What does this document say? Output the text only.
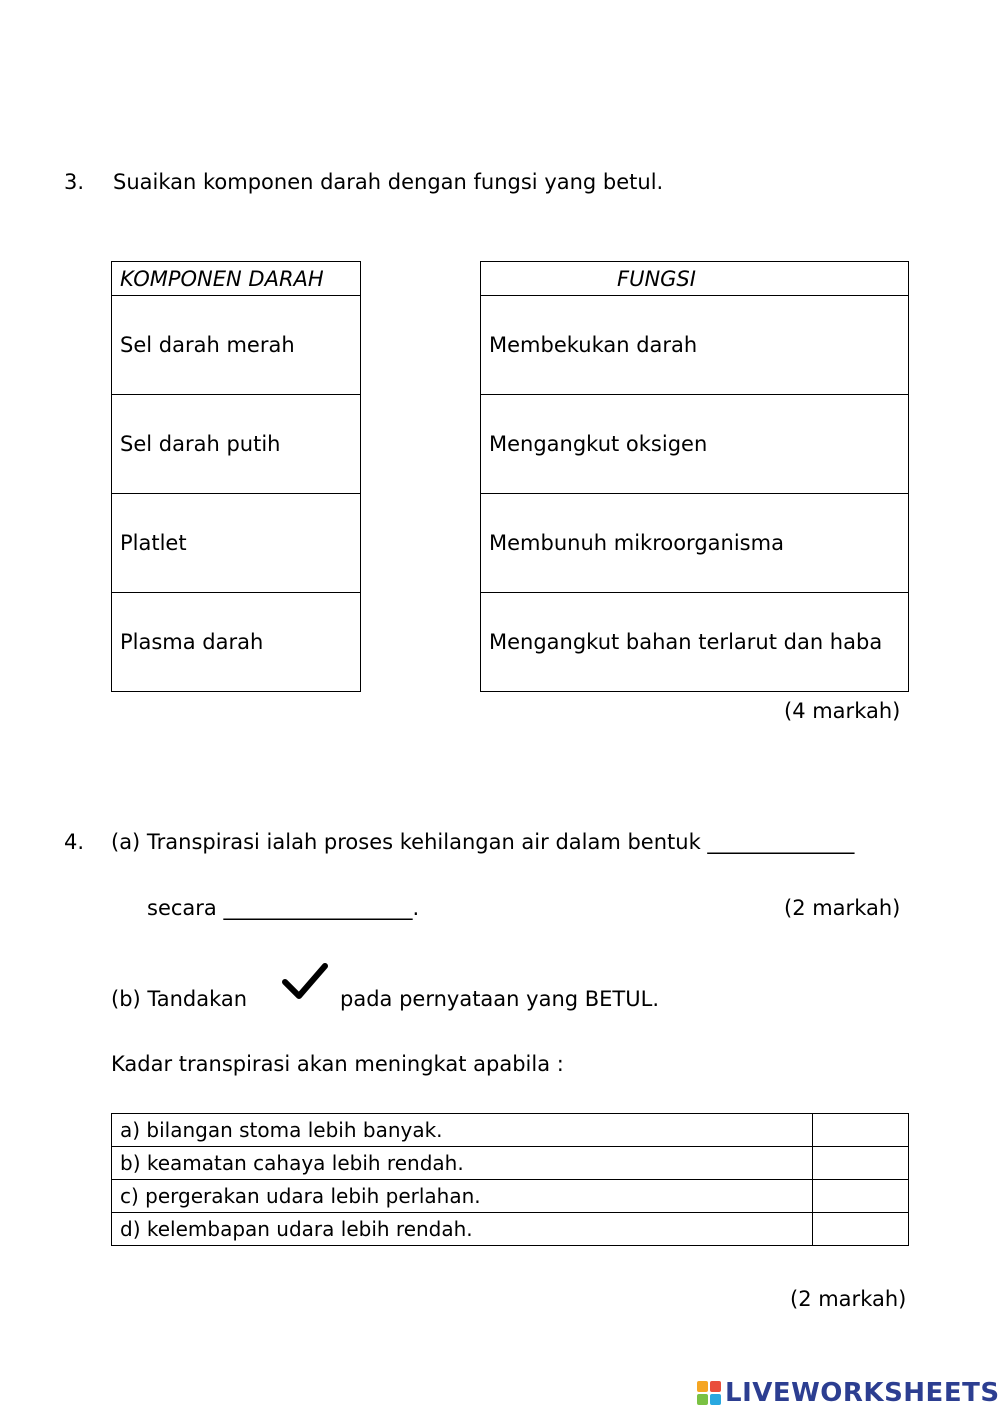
3. Suaikan komponen darah dengan fungsi yang betul.
KOMPONEN DARAH
Sel darah merah
Sel darah putih
Platlet
Plasma darah
FUNGSI
Membekukan darah
Mengangkut oksigen
Membunuh mikroorganisma
Mengangkut bahan terlarut dan haba
(4 markah)
4. (a) Transpirasi ialah proses kehilangan air dalam bentuk ______________
secara __________________.	(2 markah)
(b) Tandakan	pada pernyataan yang BETUL.
Kadar transpirasi akan meningkat apabila :
a) bilangan stoma lebih banyak.	
b) keamatan cahaya lebih rendah.	
c) pergerakan udara lebih perlahan.	
d) kelembapan udara lebih rendah.	
(2 markah)
LIVEWORKSHEETS
